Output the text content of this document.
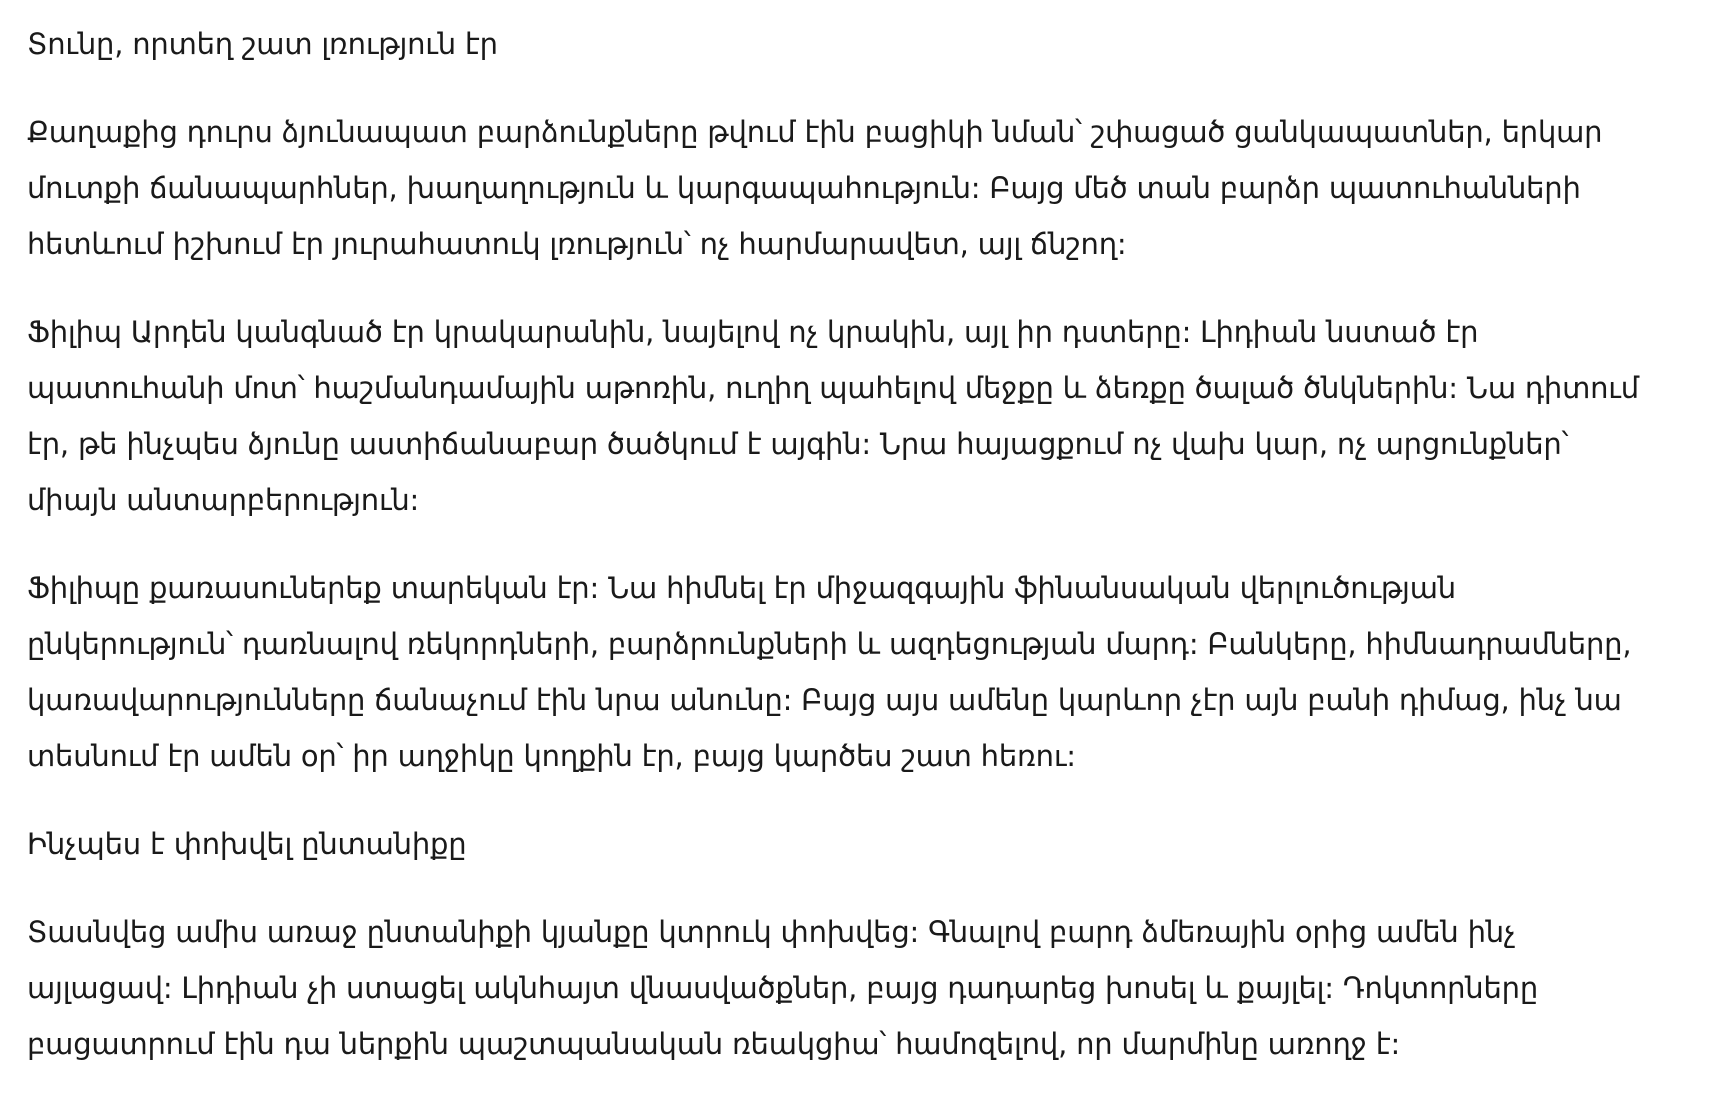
Տունը, որտեղ շատ լռություն էր

Քաղաքից դուրս ձյունապատ բարձունքները թվում էին բացիկի նման՝ շփացած ցանկապատներ, երկար մուտքի ճանապարհներ, խաղաղություն և կարգապահություն: Բայց մեծ տան բարձր պատուհանների հետևում իշխում էր յուրահատուկ լռություն՝ ոչ հարմարավետ, այլ ճնշող:

Ֆիլիպ Արդեն կանգնած էր կրակարանին, նայելով ոչ կրակին, այլ իր դստերը: Լիդիան նստած էր պատուհանի մոտ՝ հաշմանդամային աթոռին, ուղիղ պահելով մեջքը և ձեռքը ծալած ծնկներին: Նա դիտում էր, թե ինչպես ձյունը աստիճանաբար ծածկում է այգին: Նրա հայացքում ոչ վախ կար, ոչ արցունքներ՝ միայն անտարբերություն:

Ֆիլիպը քառասուներեք տարեկան էր: Նա հիմնել էր միջազգային ֆինանսական վերլուծության ընկերություն՝ դառնալով ռեկորդների, բարձրունքների և ազդեցության մարդ: Բանկերը, հիմնադրամները, կառավարությունները ճանաչում էին նրա անունը: Բայց այս ամենը կարևոր չէր այն բանի դիմաց, ինչ նա տեսնում էր ամեն օր՝ իր աղջիկը կողքին էր, բայց կարծես շատ հեռու:

Ինչպես է փոխվել ընտանիքը

Տասնվեց ամիս առաջ ընտանիքի կյանքը կտրուկ փոխվեց: Գնալով բարդ ձմեռային օրից ամեն ինչ այլացավ: Լիդիան չի ստացել ակնհայտ վնասվածքներ, բայց դադարեց խոսել և քայլել: Դոկտորները բացատրում էին դա ներքին պաշտպանական ռեակցիա՝ համոզելով, որ մարմինը առողջ է:
